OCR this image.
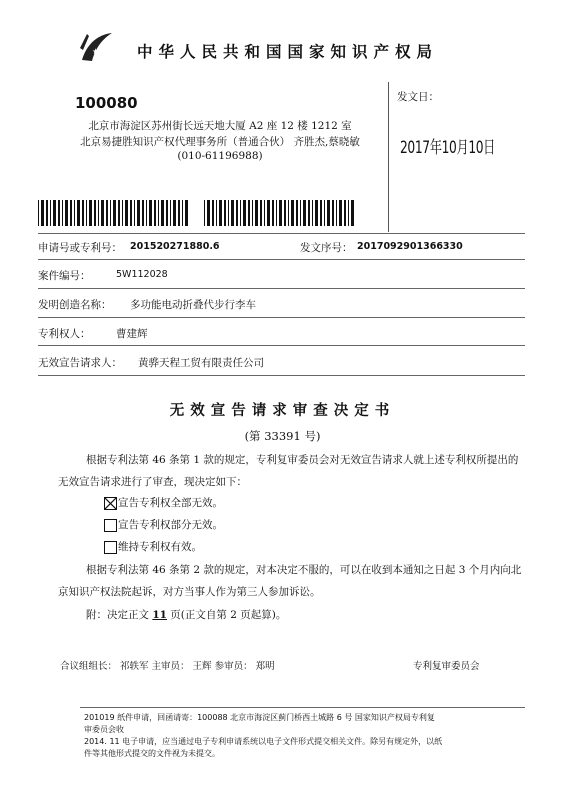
★ 中华人民共和国国家知识产权局
100080
北京市海淀区苏州街长远天地大厦 A2 座 12 楼 1212 室
北京易捷胜知识产权代理事务所（普通合伙） 齐胜杰,蔡晓敏
(010-61196988)
发文日：
2017年10月10日
申请号或专利号： 201520271880.6	发文序号： 2017092901366330
案件编号：	5W112028
发明创造名称： 多功能电动折叠代步行李车
专利权人： 曹建辉
无效宣告请求人： 黄骅天程工贸有限责任公司
无效宣告请求审查决定书
(第 33391 号)
根据专利法第 46 条第 1 款的规定，专利复审委员会对无效宣告请求人就上述专利权所提出的无效宣告请求进行了审查，现决定如下：
宣告专利权全部无效。
宣告专利权部分无效。
维持专利权有效。
根据专利法第 46 条第 2 款的规定，对本决定不服的，可以在收到本通知之日起 3 个月内向北京知识产权法院起诉，对方当事人作为第三人参加诉讼。
附：决定正文 11 页(正文自第 2 页起算)。
合议组组长： 祁轶军 主审员： 王辉 参审员： 郑明	专利复审委员会
201019 纸件申请，回函请寄：100088 北京市海淀区蓟门桥西土城路 6 号 国家知识产权局专利复
审委员会收
2014. 11 电子申请，应当通过电子专利申请系统以电子文件形式提交相关文件。除另有规定外，以纸
件等其他形式提交的文件视为未提交。
